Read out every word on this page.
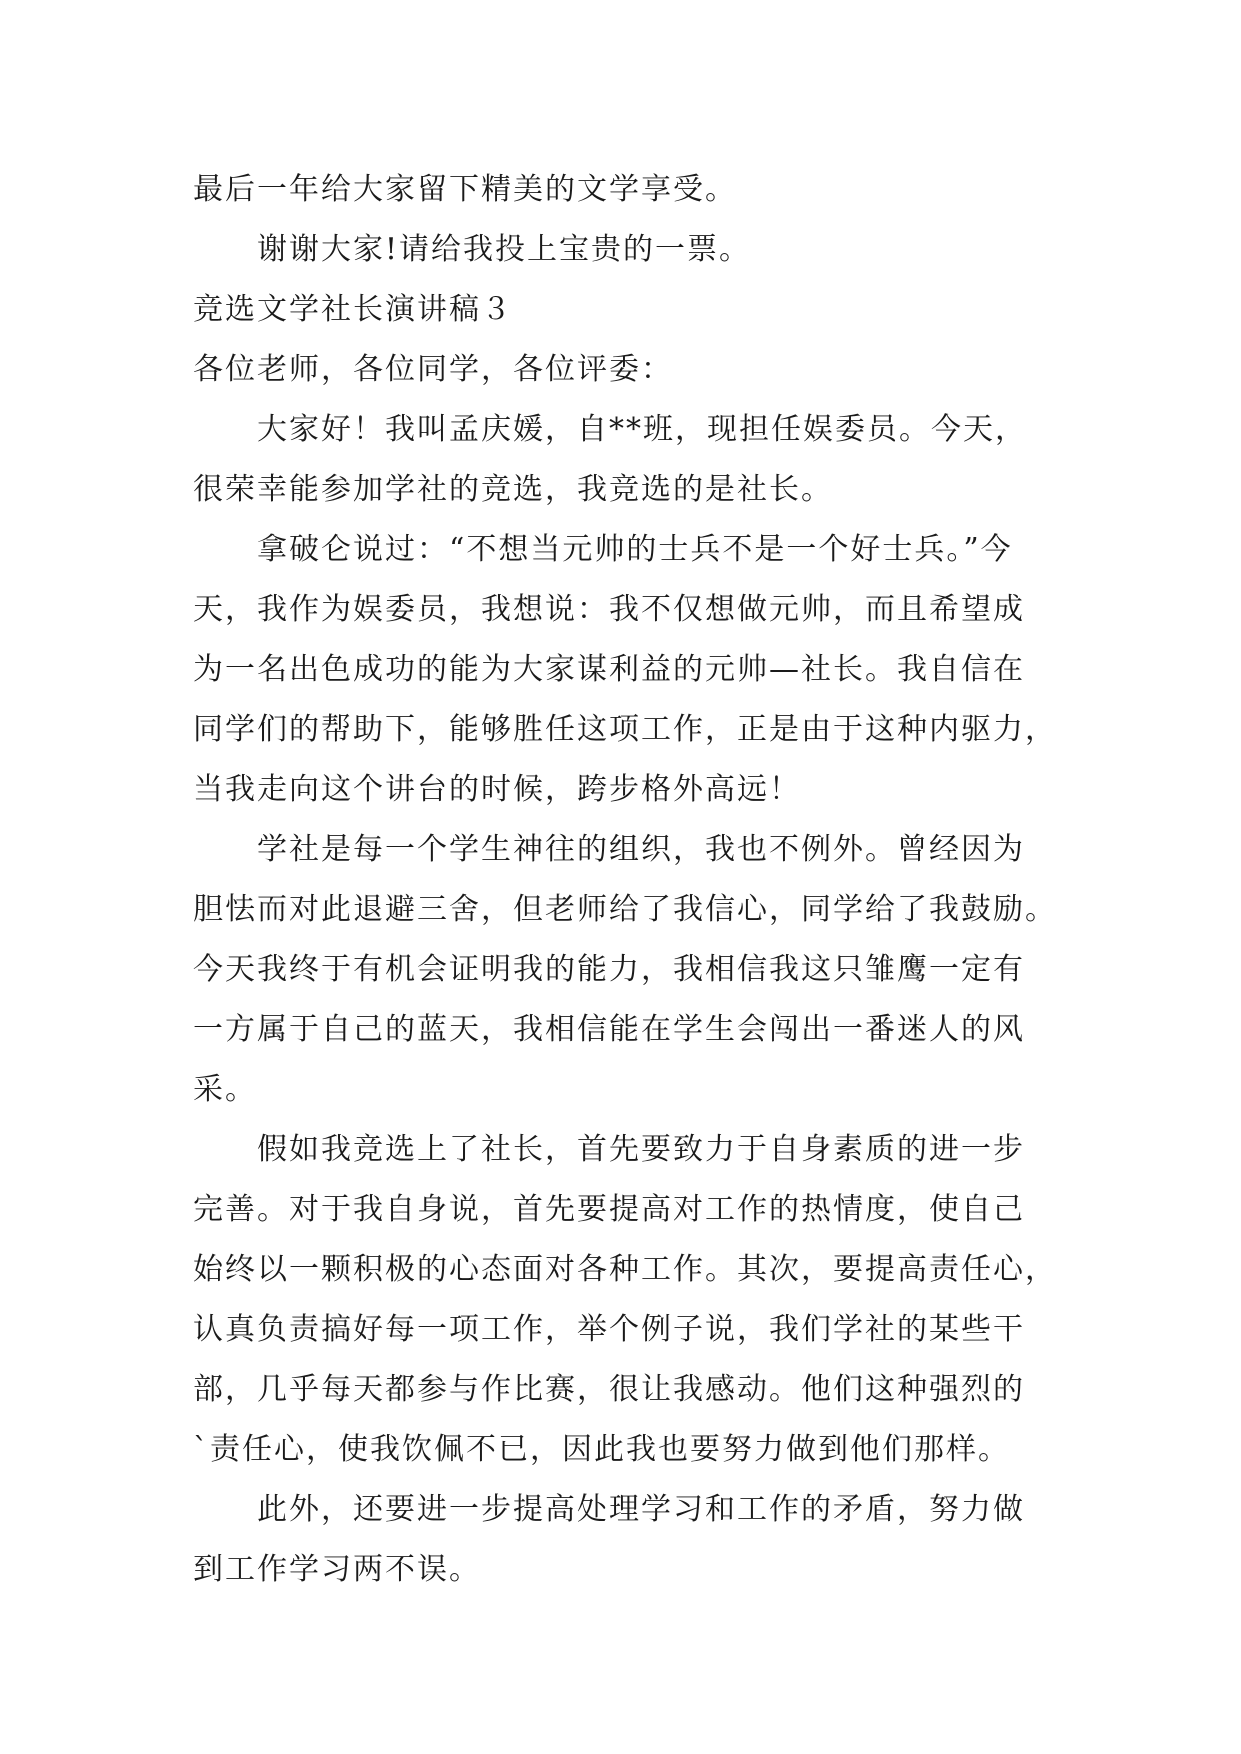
最后一年给大家留下精美的文学享受。
谢谢大家!请给我投上宝贵的一票。
竞选文学社长演讲稿３
各位老师，各位同学，各位评委：
大家好！我叫孟庆媛，自**班，现担任娱委员。今天，
很荣幸能参加学社的竞选，我竞选的是社长。
拿破仑说过：“不想当元帅的士兵不是一个好士兵。”今
天，我作为娱委员，我想说：我不仅想做元帅，而且希望成
为一名出色成功的能为大家谋利益的元帅—社长。我自信在
同学们的帮助下，能够胜任这项工作，正是由于这种内驱力，
当我走向这个讲台的时候，跨步格外高远！
学社是每一个学生神往的组织，我也不例外。曾经因为
胆怯而对此退避三舍，但老师给了我信心，同学给了我鼓励。
今天我终于有机会证明我的能力，我相信我这只雏鹰一定有
一方属于自己的蓝天，我相信能在学生会闯出一番迷人的风
采。
假如我竞选上了社长，首先要致力于自身素质的进一步
完善。对于我自身说，首先要提高对工作的热情度，使自己
始终以一颗积极的心态面对各种工作。其次，要提高责任心，
认真负责搞好每一项工作，举个例子说，我们学社的某些干
部，几乎每天都参与作比赛，很让我感动。他们这种强烈的
`责任心，使我饮佩不已，因此我也要努力做到他们那样。
此外，还要进一步提高处理学习和工作的矛盾，努力做
到工作学习两不误。
